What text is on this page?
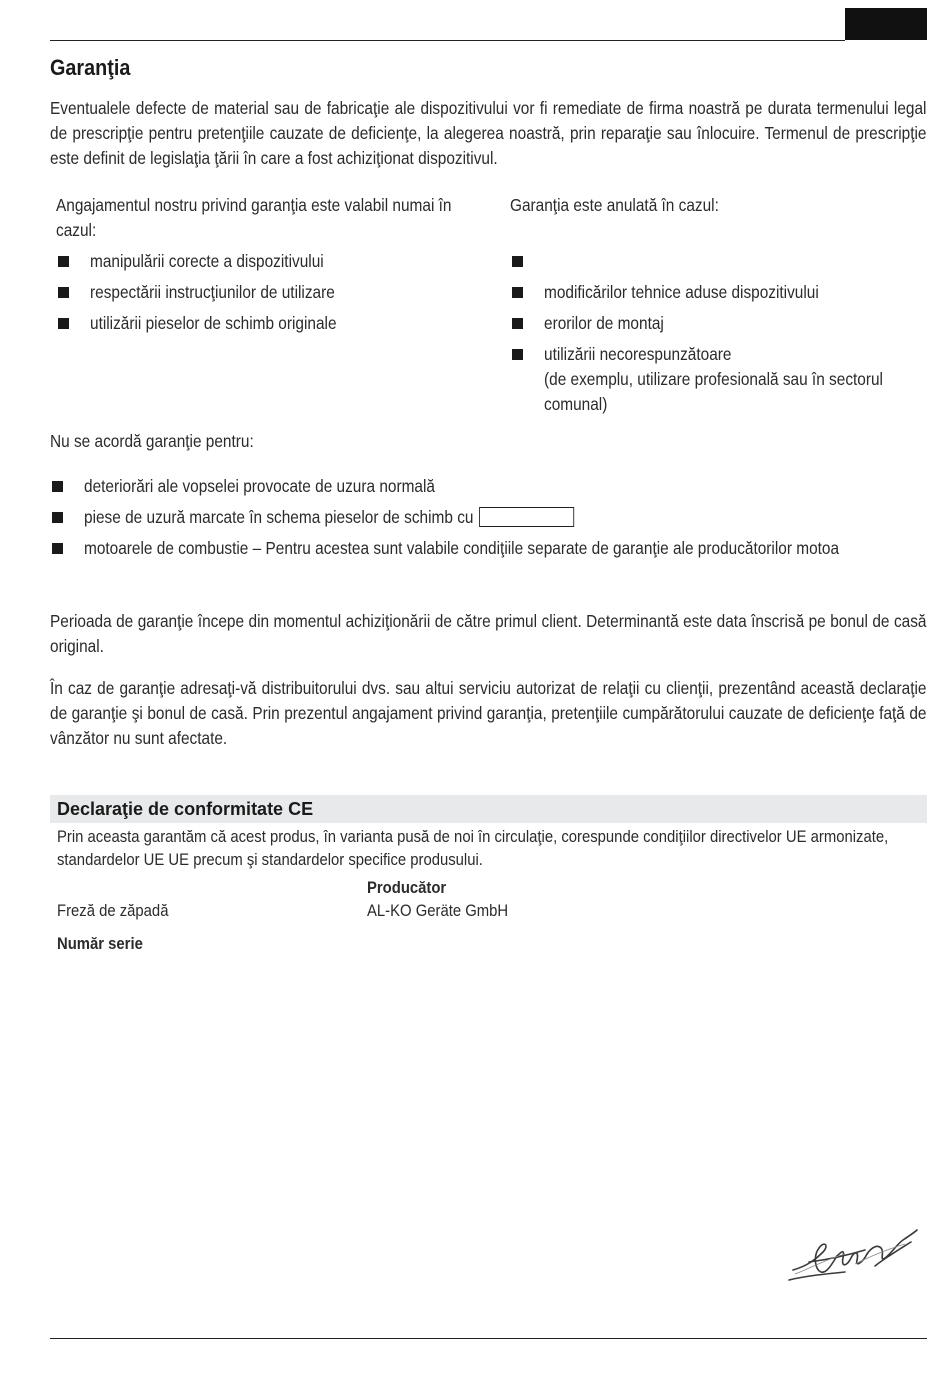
Garanţia

Eventualele defecte de material sau de fabricaţie ale dispozitivului vor fi remediate de firma noastră pe durata termenului legal de prescripţie pentru pretenţiile cauzate de deficienţe, la alegerea noastră, prin reparaţie sau înlocuire. Termenul de prescripţie este definit de legislaţia ţării în care a fost achiziţionat dispozitivul.

Angajamentul nostru privind garanţia este valabil numai în cazul:

manipulării corecte a dispozitivului
respectării instrucţiunilor de utilizare
utilizării pieselor de schimb originale

Garanţia este anulată în cazul:

modificărilor tehnice aduse dispozitivului
erorilor de montaj
utilizării necorespunzătoare
(de exemplu, utilizare profesională sau în sectorul comunal)

Nu se acordă garanţie pentru:

deteriorări ale vopselei provocate de uzura normală
piese de uzură marcate în schema pieselor de schimb cu
motoarele de combustie – Pentru acestea sunt valabile condiţiile separate de garanţie ale producătorilor motoa

Perioada de garanţie începe din momentul achiziţionării de către primul client. Determinantă este data înscrisă pe bonul de casă original.

În caz de garanţie adresaţi-vă distribuitorului dvs. sau altui serviciu autorizat de relaţii cu clienţii, prezentând această declaraţie de garanţie şi bonul de casă. Prin prezentul angajament privind garanţia, pretenţiile cumpărătorului cauzate de deficienţe faţă de vânzător nu sunt afectate.

Declaraţie de conformitate CE

Prin aceasta garantăm că acest produs, în varianta pusă de noi în circulaţie, corespunde condiţiilor directivelor UE armonizate, standardelor UE UE precum şi standardelor specifice produsului.

Producător
Freză de zăpadă	AL-KO Geräte GmbH
Număr serie
